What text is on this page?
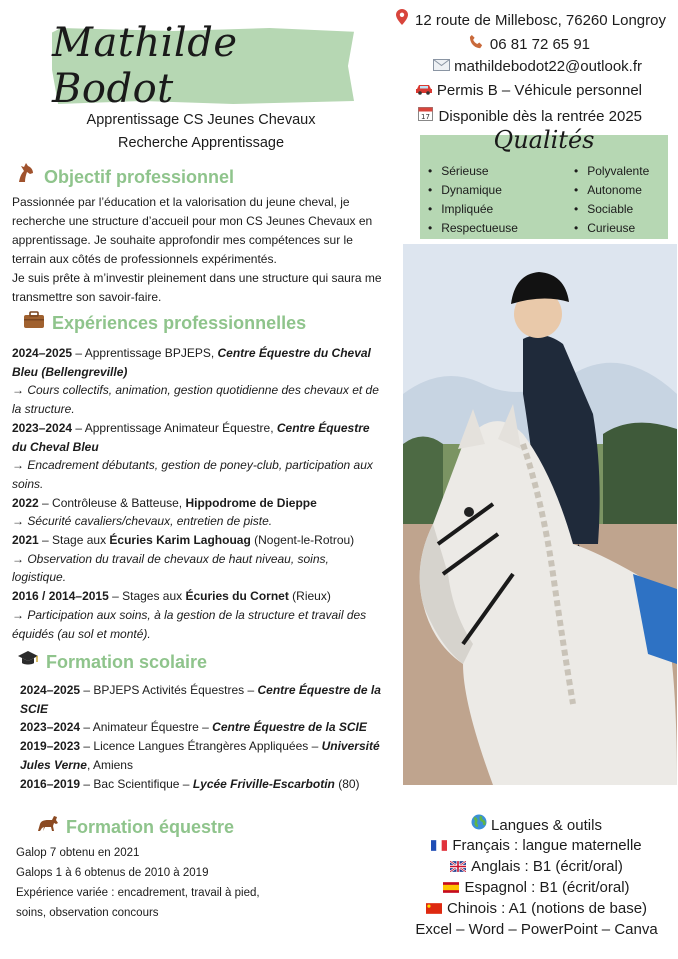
Mathilde Bodot
Apprentissage CS Jeunes Chevaux
Recherche Apprentissage
12 route de Millebosc, 76260 Longroy
06 81 72 65 91
mathildebodot22@outlook.fr
Permis B – Véhicule personnel
17 Disponible dès la rentrée 2025
Qualités
• Sérieuse
• Dynamique
• Impliquée
• Respectueuse
• Polyvalente
• Autonome
• Sociable
• Curieuse
Objectif professionnel
Passionnée par l’éducation et la valorisation du jeune cheval, je recherche une structure d’accueil pour mon CS Jeunes Chevaux en apprentissage. Je souhaite approfondir mes compétences sur le terrain aux côtés de professionnels expérimentés.
Je suis prête à m’investir pleinement dans une structure qui saura me transmettre son savoir-faire.
Expériences professionnelles
2024–2025 – Apprentissage BPJEPS, Centre Équestre du Cheval Bleu (Bellengreville)
→ Cours collectifs, animation, gestion quotidienne des chevaux et de la structure.
2023–2024 – Apprentissage Animateur Équestre, Centre Équestre du Cheval Bleu
→ Encadrement débutants, gestion de poney-club, participation aux soins.
2022 – Contrôleuse & Batteuse, Hippodrome de Dieppe
→ Sécurité cavaliers/chevaux, entretien de piste.
2021 – Stage aux Écuries Karim Laghouag (Nogent-le-Rotrou)
→ Observation du travail de chevaux de haut niveau, soins, logistique.
2016 / 2014–2015 – Stages aux Écuries du Cornet (Rieux)
→ Participation aux soins, à la gestion de la structure et travail des équidés (au sol et monté).
Formation scolaire
2024–2025 – BPJEPS Activités Équestres – Centre Équestre de la SCIE
2023–2024 – Animateur Équestre – Centre Équestre de la SCIE
2019–2023 – Licence Langues Étrangères Appliquées – Université Jules Verne, Amiens
2016–2019 – Bac Scientifique – Lycée Friville-Escarbotin (80)
Formation équestre
Galop 7 obtenu en 2021
Galops 1 à 6 obtenus de 2010 à 2019
Expérience variée : encadrement, travail à pied,
soins, observation concours
Langues & outils
Français : langue maternelle
Anglais : B1 (écrit/oral)
Espagnol : B1 (écrit/oral)
Chinois : A1 (notions de base)
Excel – Word – PowerPoint – Canva
